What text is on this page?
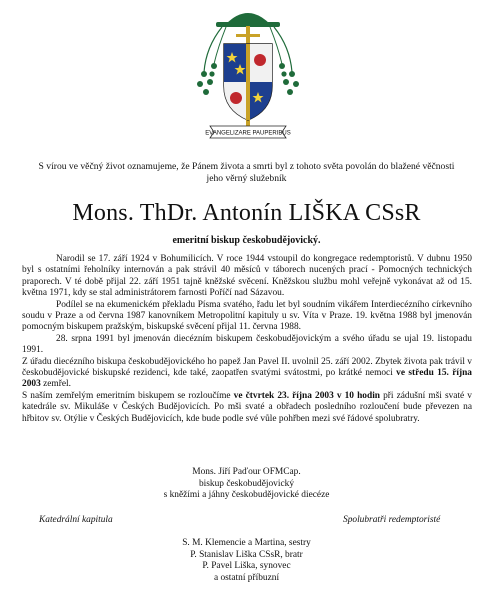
EVANGELIZARE PAUPERIBUS
S vírou ve věčný život oznamujeme, že Pánem života a smrti byl z tohoto světa povolán do blažené věčnosti
jeho věrný služebník
Mons. ThDr. Antonín LIŠKA CSsR
emeritní biskup českobudějovický.

Narodil se 17. září 1924 v Bohumilicích. V roce 1944 vstoupil do kongregace redemptoristů. V dubnu 1950 byl s ostatními řeholníky internován a pak strávil 40 měsíců v táborech nucených prací - Pomocných technických praporech. V té době přijal 22. září 1951 tajně kněžské svěcení. Kněžskou službu mohl veřejně vykonávat až od 15. května 1971, kdy se stal administrátorem farnosti Poříčí nad Sázavou.

Podílel se na ekumenickém překladu Písma svatého, řadu let byl soudním vikářem Interdiecézního církevního soudu v Praze a od června 1987 kanovníkem Metropolitní kapituly u sv. Víta v Praze. 19. května 1988 byl jmenován pomocným biskupem pražským, biskupské svěcení přijal 11. června 1988.

28. srpna 1991 byl jmenován diecézním biskupem českobudějovickým a svého úřadu se ujal 19. listopadu 1991.

Z úřadu diecézního biskupa českobudějovického ho papež Jan Pavel II. uvolnil 25. září 2002. Zbytek života pak trávil v českobudějovické biskupské rezidenci, kde také, zaopatřen svatými svátostmi, po krátké nemoci ve středu 15. října 2003 zemřel.

S naším zemřelým emeritním biskupem se rozloučíme ve čtvrtek 23. října 2003 v 10 hodin při zádušní mši svaté v katedrále sv. Mikuláše v Českých Budějovicích. Po mši svaté a obřadech posledního rozloučení bude převezen na hřbitov sv. Otýlie v Českých Budějovicích, kde bude podle své vůle pohřben mezi své řádové spolubratry.

Mons. Jiří Paďour OFMCap.
biskup českobudějovický
s kněžími a jáhny českobudějovické diecéze
Katedrální kapitula	Spolubratři redemptoristé
S. M. Klemencie a Martina, sestry
P. Stanislav Liška CSsR, bratr
P. Pavel Liška, synovec
a ostatní příbuzní
